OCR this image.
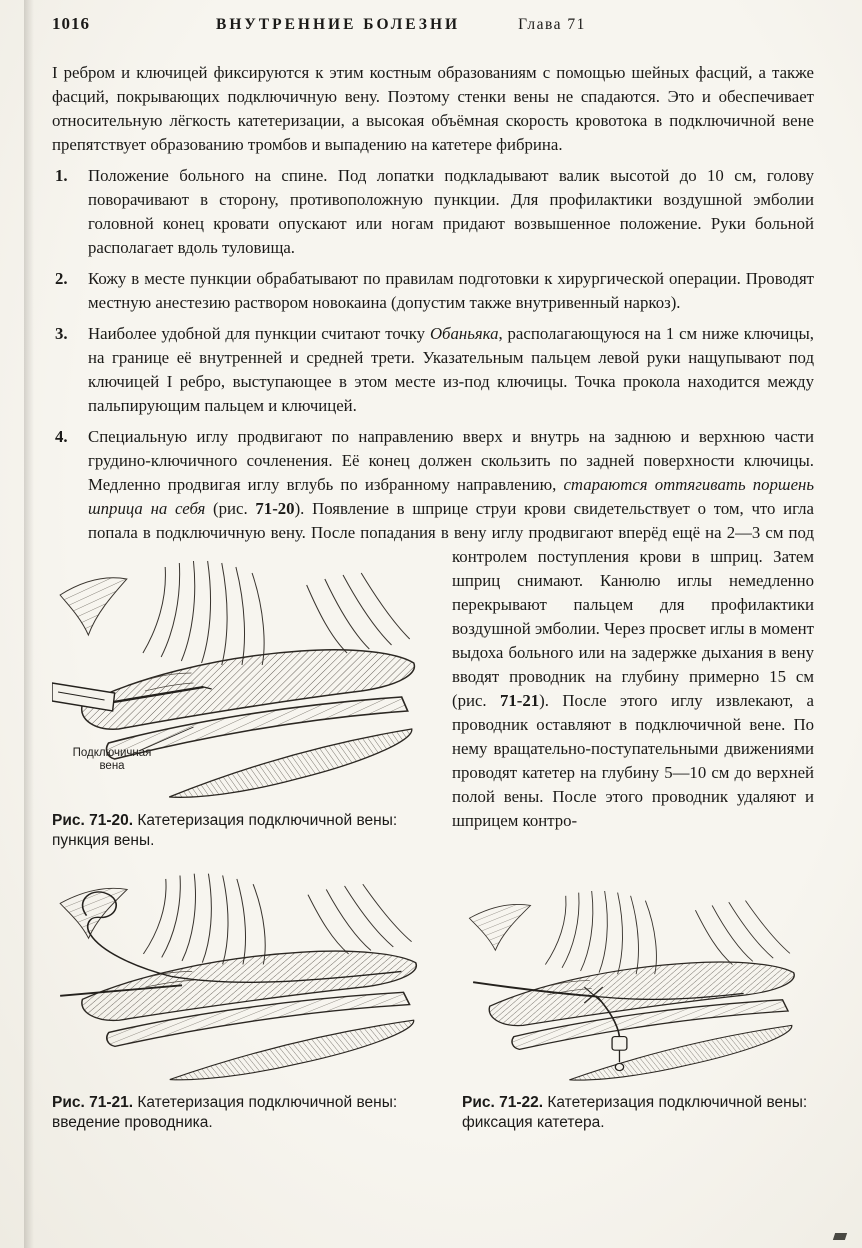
1016	ВНУТРЕННИЕ БОЛЕЗНИ	Глава 71

I ребром и ключицей фиксируются к этим костным образованиям с помощью шейных фасций, а также фасций, покрывающих подключичную вену. Поэтому стенки вены не спадаются. Это и обеспечивает относительную лёгкость катетеризации, а высокая объёмная скорость кровотока в подключичной вене препятствует образованию тромбов и выпадению на катетере фибрина.

1. Положение больного на спине. Под лопатки подкладывают валик высотой до 10 см, голову поворачивают в сторону, противоположную пункции. Для профилактики воздушной эмболии головной конец кровати опускают или ногам придают возвышенное положение. Руки больной располагает вдоль туловища.
2. Кожу в месте пункции обрабатывают по правилам подготовки к хирургической операции. Проводят местную анестезию раствором новокаина (допустим также внутривенный наркоз).
3. Наиболее удобной для пункции считают точку Обаньяка, располагающуюся на 1 см ниже ключицы, на границе её внутренней и средней трети. Указательным пальцем левой руки нащупывают под ключицей I ребро, выступающее в этом месте из-под ключицы. Точка прокола находится между пальпирующим пальцем и ключицей.
4. Специальную иглу продвигают по направлению вверх и внутрь на заднюю и верхнюю части грудино-ключичного сочленения. Её конец должен скользить по задней поверхности ключицы. Медленно продвигая иглу вглубь по избранному направлению, стараются оттягивать поршень шприца на себя (рис. 71-20). Появление в шприце струи крови свидетельствует о том, что игла попала в подключичную вену. После попадания в вену иглу продвигают вперёд ещё на 2—3 см под контролем поступления
Подключичная вена

Рис. 71-20. Катетеризация подключичной вены: пункция вены.

крови в шприц. Затем шприц снимают. Канюлю иглы немедленно перекрывают пальцем для профилактики воздушной эмболии. Через просвет иглы в момент выдоха больного или на задержке дыхания в вену вводят проводник на глубину примерно 15 см (рис. 71-21). После этого иглу извлекают, а проводник оставляют в подключичной вене. По нему вращательно-поступательными движениями проводят катетер на глубину 5—10 см до верхней полой вены. После этого проводник удаляют и шприцем контро-

Рис. 71-21. Катетеризация подключичной вены: введение проводника.

Рис. 71-22. Катетеризация подключичной вены: фиксация катетера.
